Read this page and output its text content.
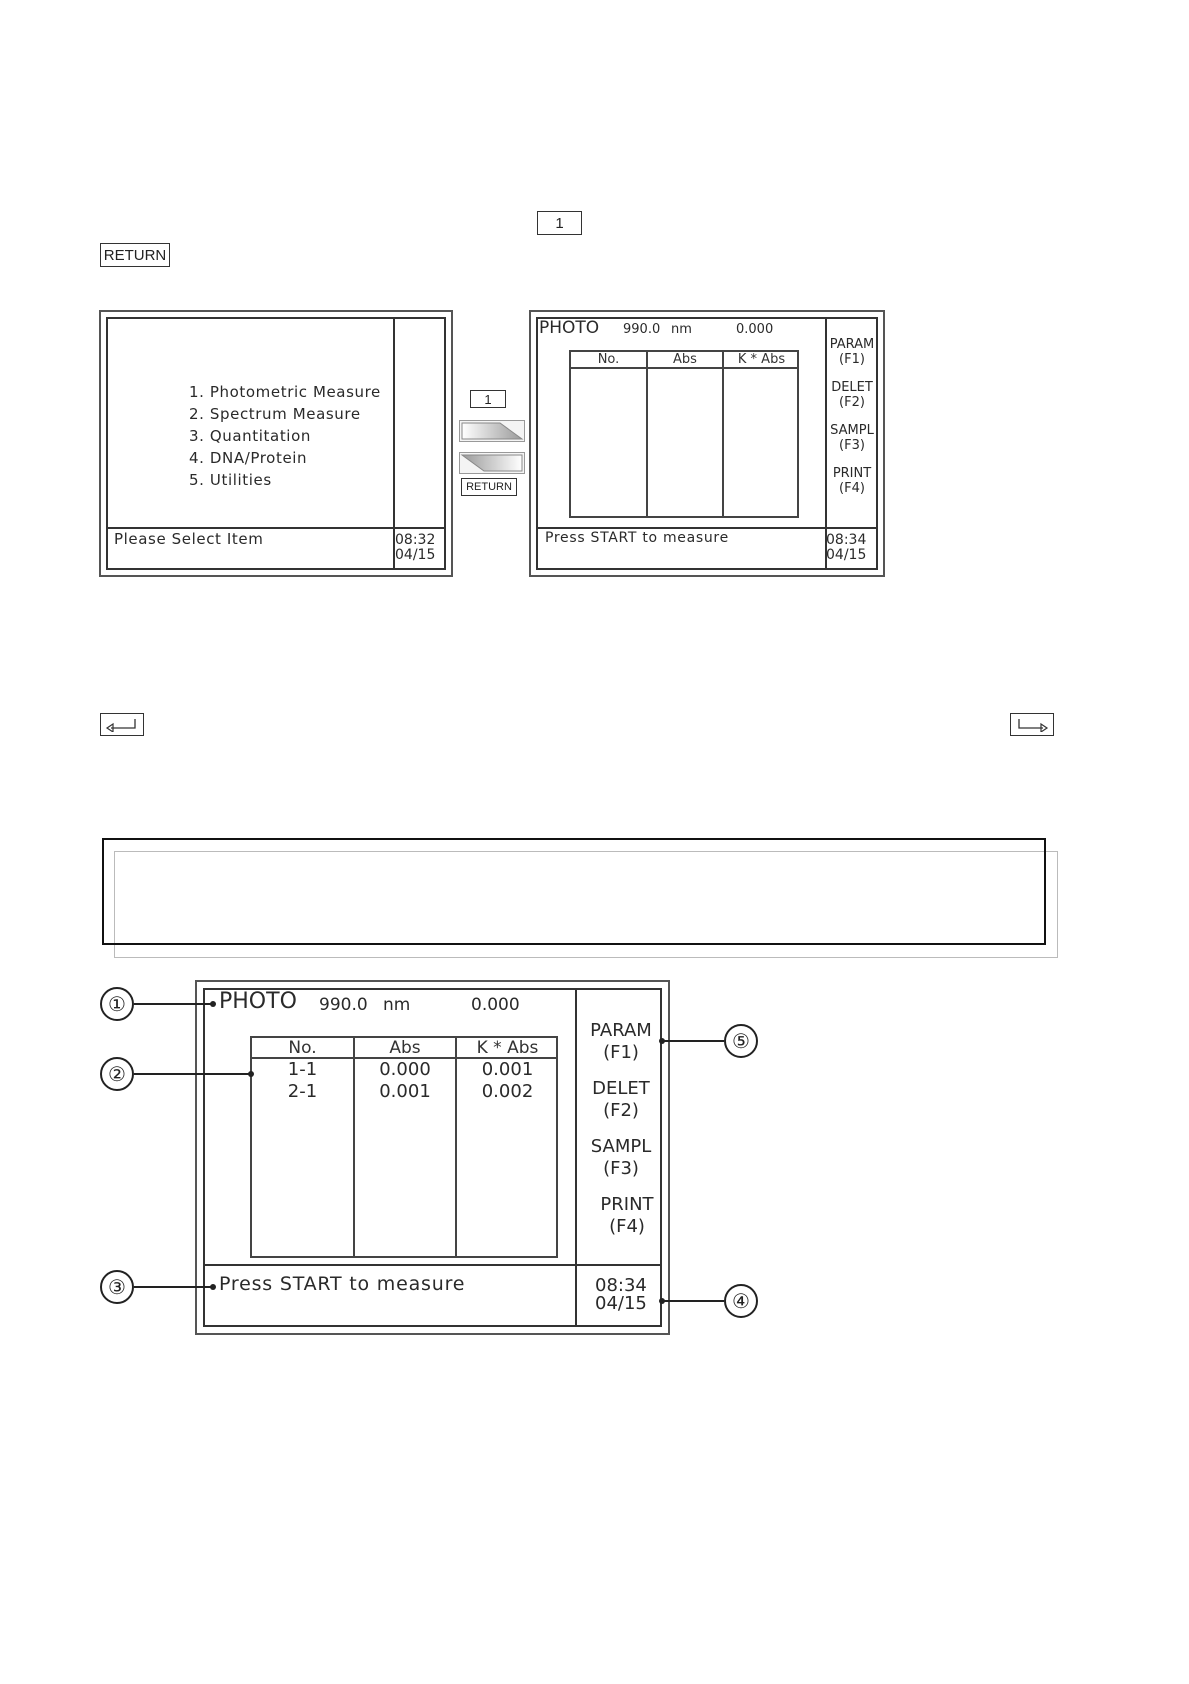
1
RETURN
1. Photometric Measure
2. Spectrum Measure
3. Quantitation
4. DNA/Protein
5. Utilities
Please Select Item	08:32
04/15
1
RETURN
PHOTO 990.0 nm	0.000
No.	Abs	K * Abs
PARAM
(F1)
DELET
(F2)
SAMPL
(F3)
PRINT
(F4)
Press START to measure	08:34
04/15
PHOTO 990.0 nm	0.000
No.	Abs	K * Abs
1-1	0.000	0.001
2-1	0.001	0.002
PARAM
(F1)
DELET
(F2)
SAMPL
(F3)
PRINT
(F4)
Press START to measure	08:34
04/15
①
②
③
④
⑤
